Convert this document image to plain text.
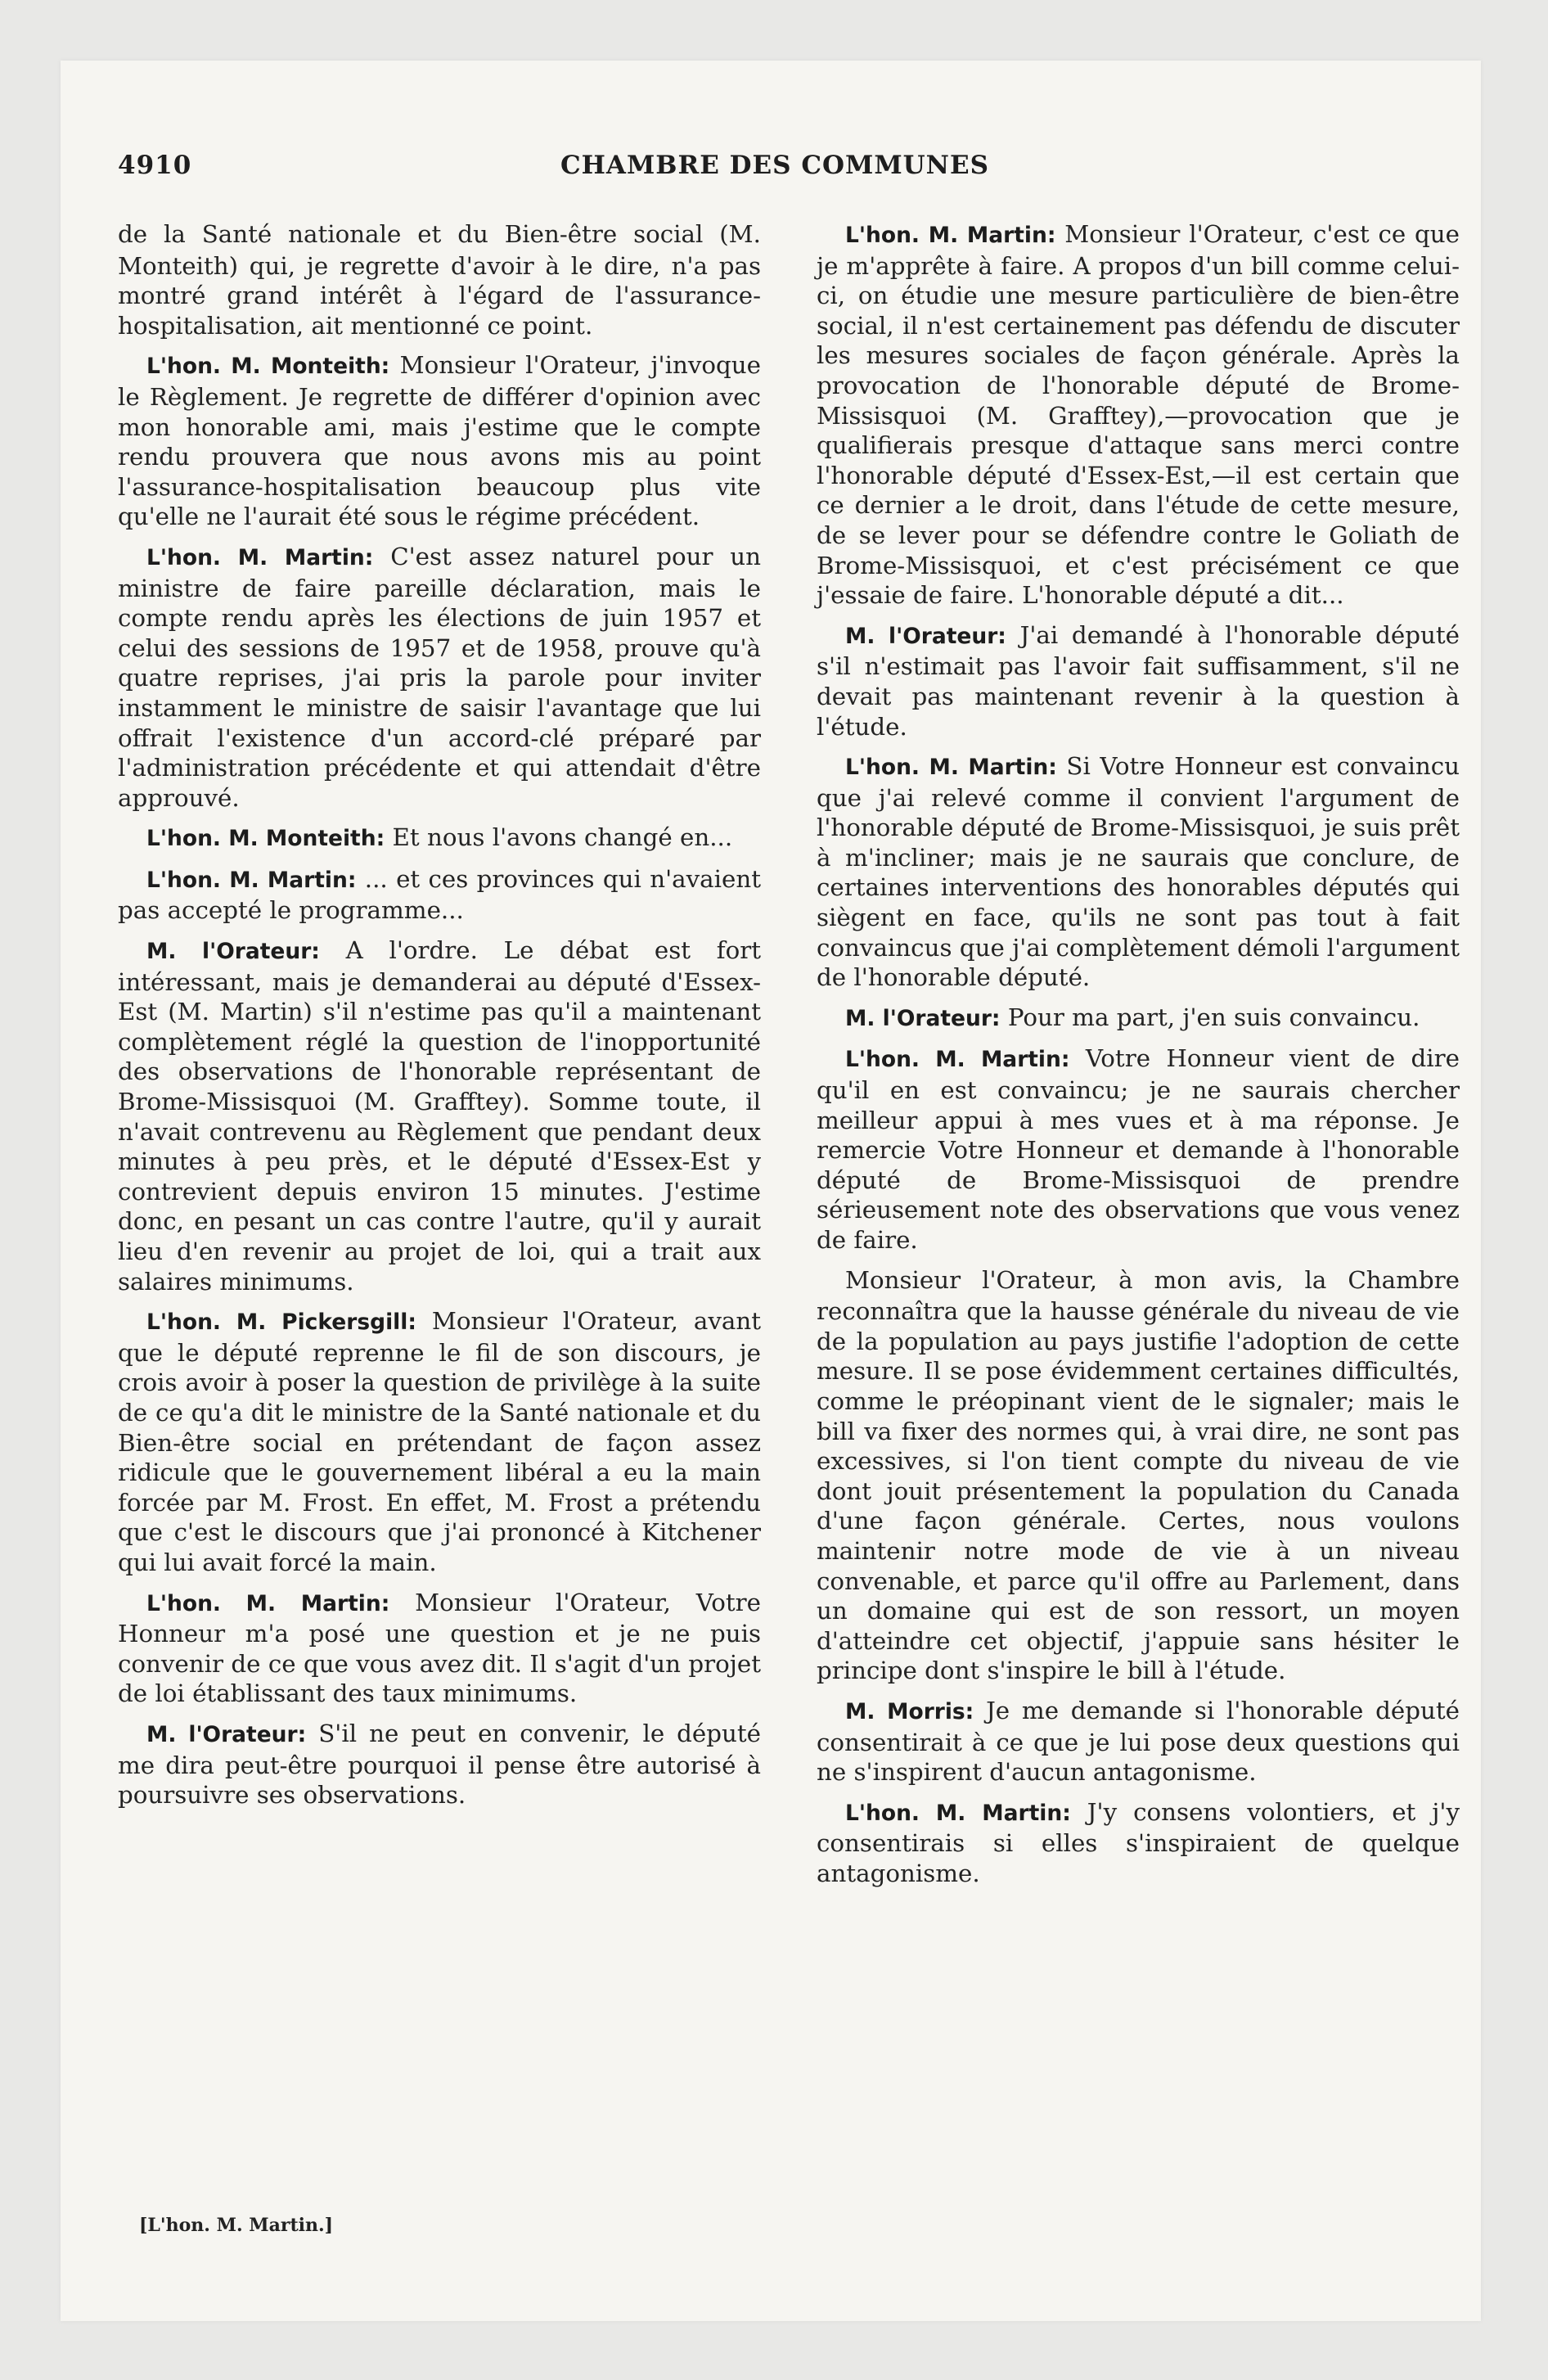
4910	CHAMBRE DES COMMUNES

de la Santé nationale et du Bien-être social (M. Monteith) qui, je regrette d'avoir à le dire, n'a pas montré grand intérêt à l'égard de l'assurance-hospitalisation, ait mentionné ce point.

L'hon. M. Monteith: Monsieur l'Orateur, j'invoque le Règlement. Je regrette de différer d'opinion avec mon honorable ami, mais j'estime que le compte rendu prouvera que nous avons mis au point l'assurance-hospitalisation beaucoup plus vite qu'elle ne l'aurait été sous le régime précédent.

L'hon. M. Martin: C'est assez naturel pour un ministre de faire pareille déclaration, mais le compte rendu après les élections de juin 1957 et celui des sessions de 1957 et de 1958, prouve qu'à quatre reprises, j'ai pris la parole pour inviter instamment le ministre de saisir l'avantage que lui offrait l'existence d'un accord-clé préparé par l'administration précédente et qui attendait d'être approuvé.

L'hon. M. Monteith: Et nous l'avons changé en...

L'hon. M. Martin: ... et ces provinces qui n'avaient pas accepté le programme...

M. l'Orateur: A l'ordre. Le débat est fort intéressant, mais je demanderai au député d'Essex-Est (M. Martin) s'il n'estime pas qu'il a maintenant complètement réglé la question de l'inopportunité des observations de l'honorable représentant de Brome-Missisquoi (M. Grafftey). Somme toute, il n'avait contrevenu au Règlement que pendant deux minutes à peu près, et le député d'Essex-Est y contrevient depuis environ 15 minutes. J'estime donc, en pesant un cas contre l'autre, qu'il y aurait lieu d'en revenir au projet de loi, qui a trait aux salaires minimums.

L'hon. M. Pickersgill: Monsieur l'Orateur, avant que le député reprenne le fil de son discours, je crois avoir à poser la question de privilège à la suite de ce qu'a dit le ministre de la Santé nationale et du Bien-être social en prétendant de façon assez ridicule que le gouvernement libéral a eu la main forcée par M. Frost. En effet, M. Frost a prétendu que c'est le discours que j'ai prononcé à Kitchener qui lui avait forcé la main.

L'hon. M. Martin: Monsieur l'Orateur, Votre Honneur m'a posé une question et je ne puis convenir de ce que vous avez dit. Il s'agit d'un projet de loi établissant des taux minimums.

M. l'Orateur: S'il ne peut en convenir, le député me dira peut-être pourquoi il pense être autorisé à poursuivre ses observations.

L'hon. M. Martin: Monsieur l'Orateur, c'est ce que je m'apprête à faire. A propos d'un bill comme celui-ci, on étudie une mesure particulière de bien-être social, il n'est certainement pas défendu de discuter les mesures sociales de façon générale. Après la provocation de l'honorable député de Brome-Missisquoi (M. Grafftey),—provocation que je qualifierais presque d'attaque sans merci contre l'honorable député d'Essex-Est,—il est certain que ce dernier a le droit, dans l'étude de cette mesure, de se lever pour se défendre contre le Goliath de Brome-Missisquoi, et c'est précisément ce que j'essaie de faire. L'honorable député a dit...

M. l'Orateur: J'ai demandé à l'honorable député s'il n'estimait pas l'avoir fait suffisamment, s'il ne devait pas maintenant revenir à la question à l'étude.

L'hon. M. Martin: Si Votre Honneur est convaincu que j'ai relevé comme il convient l'argument de l'honorable député de Brome-Missisquoi, je suis prêt à m'incliner; mais je ne saurais que conclure, de certaines interventions des honorables députés qui siègent en face, qu'ils ne sont pas tout à fait convaincus que j'ai complètement démoli l'argument de l'honorable député.

M. l'Orateur: Pour ma part, j'en suis convaincu.

L'hon. M. Martin: Votre Honneur vient de dire qu'il en est convaincu; je ne saurais chercher meilleur appui à mes vues et à ma réponse. Je remercie Votre Honneur et demande à l'honorable député de Brome-Missisquoi de prendre sérieusement note des observations que vous venez de faire.

Monsieur l'Orateur, à mon avis, la Chambre reconnaîtra que la hausse générale du niveau de vie de la population au pays justifie l'adoption de cette mesure. Il se pose évidemment certaines difficultés, comme le préopinant vient de le signaler; mais le bill va fixer des normes qui, à vrai dire, ne sont pas excessives, si l'on tient compte du niveau de vie dont jouit présentement la population du Canada d'une façon générale. Certes, nous voulons maintenir notre mode de vie à un niveau convenable, et parce qu'il offre au Parlement, dans un domaine qui est de son ressort, un moyen d'atteindre cet objectif, j'appuie sans hésiter le principe dont s'inspire le bill à l'étude.

M. Morris: Je me demande si l'honorable député consentirait à ce que je lui pose deux questions qui ne s'inspirent d'aucun antagonisme.

L'hon. M. Martin: J'y consens volontiers, et j'y consentirais si elles s'inspiraient de quelque antagonisme.

[L'hon. M. Martin.]
